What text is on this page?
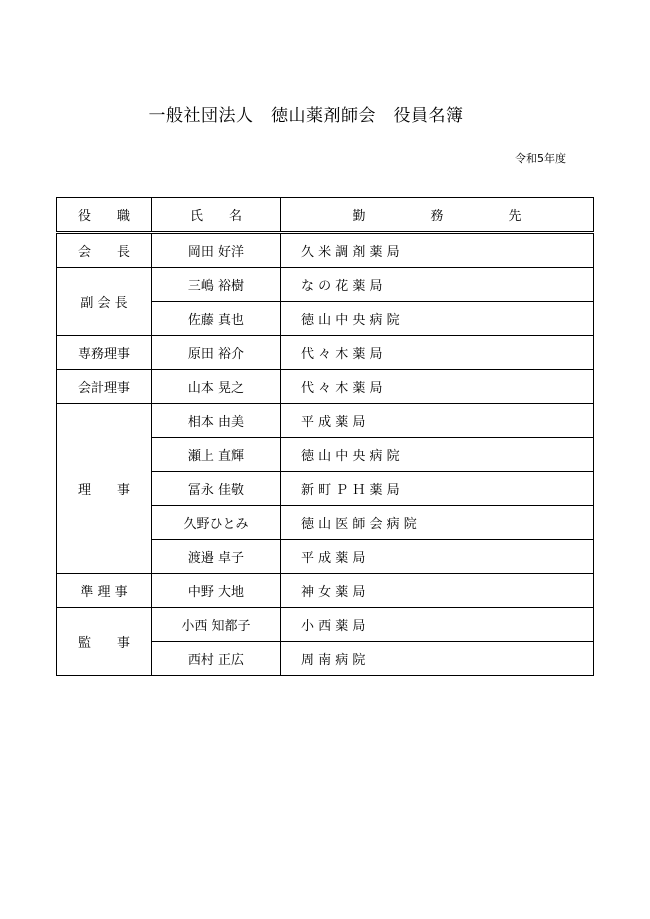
一般社団法人　徳山薬剤師会　役員名簿
令和5年度
役　　職	氏　　名	勤　　　　　務　　　　　先
会　　長	岡田 好洋	久 米 調 剤 薬 局
副 会 長	三嶋 裕樹	な の 花 薬 局
	佐藤 真也	徳 山 中 央 病 院
専務理事	原田 裕介	代 々 木 薬 局
会計理事	山本 晃之	代 々 木 薬 局
理　　事	相本 由美	平 成 薬 局
	瀬上 直輝	徳 山 中 央 病 院
	冨永 佳敬	新 町 Ｐ Ｈ 薬 局
	久野ひとみ	徳 山 医 師 会 病 院
	渡邉 卓子	平 成 薬 局
準 理 事	中野 大地	神 女 薬 局
監　　事	小西 知都子	小 西 薬 局
	西村 正広	周 南 病 院
